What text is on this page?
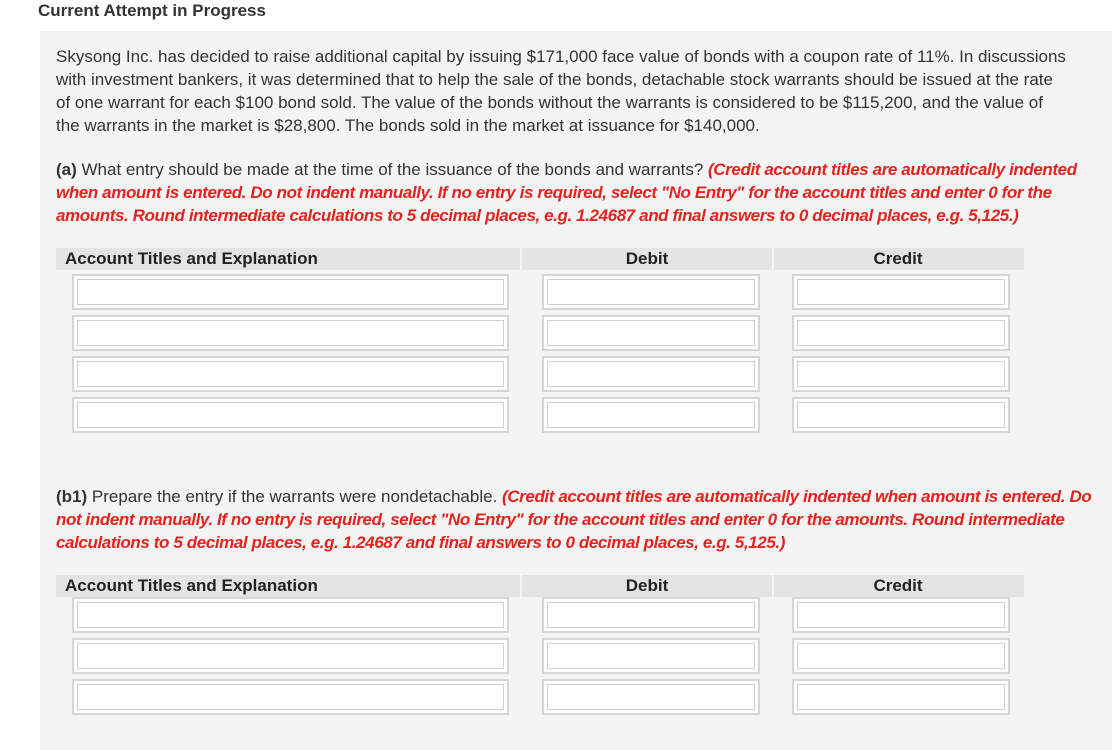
Current Attempt in Progress
Skysong Inc. has decided to raise additional capital by issuing $171,000 face value of bonds with a coupon rate of 11%. In discussions with investment bankers, it was determined that to help the sale of the bonds, detachable stock warrants should be issued at the rate of one warrant for each $100 bond sold. The value of the bonds without the warrants is considered to be $115,200, and the value of the warrants in the market is $28,800. The bonds sold in the market at issuance for $140,000.
(a) What entry should be made at the time of the issuance of the bonds and warrants? (Credit account titles are automatically indented when amount is entered. Do not indent manually. If no entry is required, select "No Entry" for the account titles and enter 0 for the amounts. Round intermediate calculations to 5 decimal places, e.g. 1.24687 and final answers to 0 decimal places, e.g. 5,125.)
Account Titles and Explanation	Debit	Credit
(b1) Prepare the entry if the warrants were nondetachable. (Credit account titles are automatically indented when amount is entered. Do not indent manually. If no entry is required, select "No Entry" for the account titles and enter 0 for the amounts. Round intermediate calculations to 5 decimal places, e.g. 1.24687 and final answers to 0 decimal places, e.g. 5,125.)
Account Titles and Explanation	Debit	Credit
